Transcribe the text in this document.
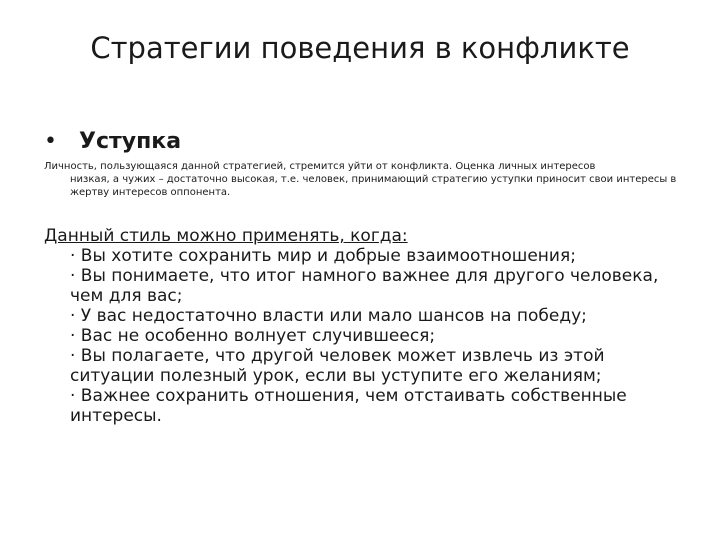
Стратегии поведения в конфликте
• Уступка
Личность, пользующаяся данной стратегией, стремится уйти от конфликта. Оценка личных интересов
низкая, а чужих – достаточно высокая, т.е. человек, принимающий стратегию уступки приносит свои интересы в жертву интересов оппонента.
Данный стиль можно применять, когда:
· Вы хотите сохранить мир и добрые взаимоотношения;
· Вы понимаете, что итог намного важнее для другого человека, чем для вас;
· У вас недостаточно власти или мало шансов на победу;
· Вас не особенно волнует случившееся;
· Вы полагаете, что другой человек может извлечь из этой ситуации полезный урок, если вы уступите его желаниям;
· Важнее сохранить отношения, чем отстаивать собственные интересы.
